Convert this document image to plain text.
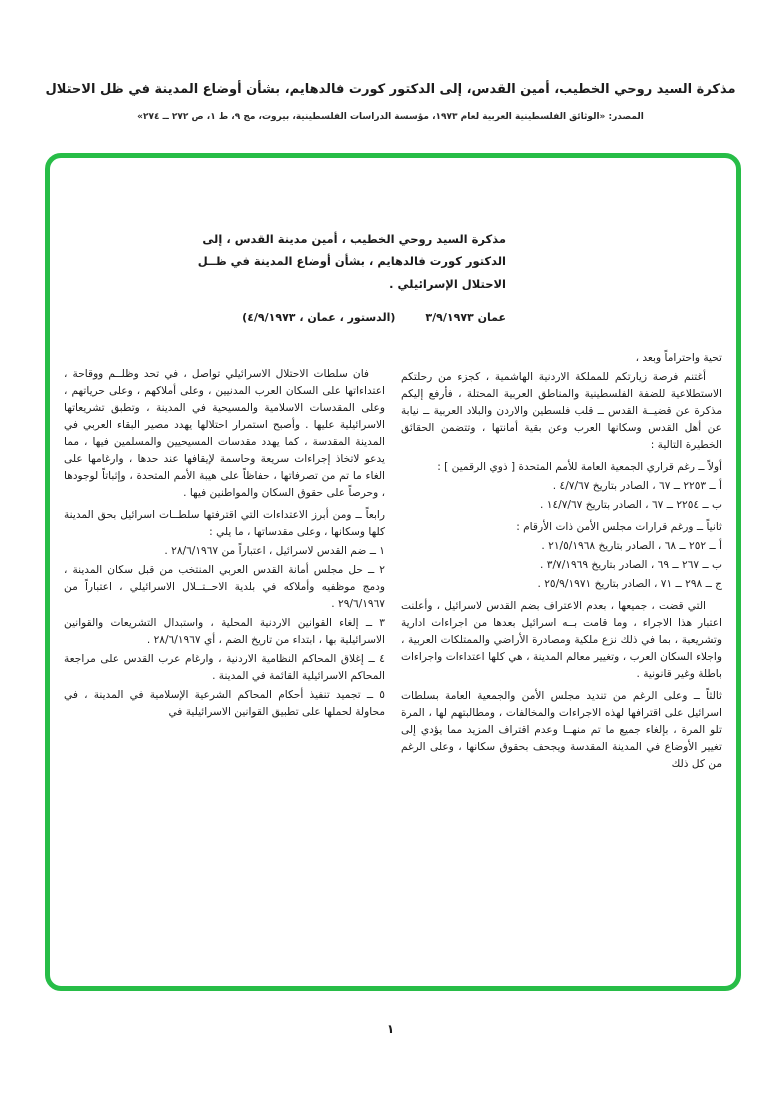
مذكرة السيد روحي الخطيب، أمين القدس، إلى الدكتور كورت فالدهايم، بشأن أوضاع المدينة في ظل الاحتلال
المصدر: «الوثائق الفلسطينية العربية لعام ١٩٧٣، مؤسسة الدراسات الفلسطينية، بيروت، مج ٩، ط ١، ص ٢٧٢ ــ ٢٧٤»
مذكرة السيد روحي الخطيب ، أمين مدينة القدس ، إلى
الدكتور كورت فالدهايم ، بشأن أوضاع المدينة في ظــل
الاحتلال الإسرائيلي .
عمان ٣/٩/١٩٧٣
(الدستور ، عمان ، ٤/٩/١٩٧٣)

تحية واحتراماً وبعد ،

أغتنم فرصة زيارتكم للمملكة الاردنية الهاشمية ، كجزء من رحلتكم الاستطلاعية للضفة الفلسطينية والمناطق العربية المحتلة ، فأرفع إليكم مذكرة عن قضيــة القدس ــ قلب فلسطين والاردن والبلاد العربية ــ نيابة عن أهل القدس وسكانها العرب وعن بقية أمانتها ، وتتضمن الحقائق الخطيرة التالية :

أولاً ــ رغم قراري الجمعية العامة للأمم المتحدة [ ذوي الرقمين ] :

أ ــ ٢٢٥٣ ــ ٦٧ ، الصادر بتاريخ ٤/٧/٦٧ .

ب ــ ٢٢٥٤ ــ ٦٧ ، الصادر بتاريخ ١٤/٧/٦٧ .

ثانياً ــ ورغم قرارات مجلس الأمن ذات الأرقام :

أ ــ ٢٥٢ ــ ٦٨ ، الصادر بتاريخ ٢١/٥/١٩٦٨ .

ب ــ ٢٦٧ ــ ٦٩ ، الصادر بتاريخ ٣/٧/١٩٦٩ .

ج ــ ٢٩٨ ــ ٧١ ، الصادر بتاريخ ٢٥/٩/١٩٧١ .

التي قضت ، جميعها ، بعدم الاعتراف بضم القدس لاسرائيل ، وأعلنت اعتبار هذا الاجراء ، وما قامت بــه اسرائيل بعدها من اجراءات ادارية وتشريعية ، بما في ذلك نزع ملكية ومصادرة الأراضي والممتلكات العربية ، واجلاء السكان العرب ، وتغيير معالم المدينة ، هي كلها اعتداءات واجراءات باطلة وغير قانونية .

ثالثاً ــ وعلى الرغم من تنديد مجلس الأمن والجمعية العامة بسلطات اسرائيل على اقترافها لهذه الاجراءات والمخالفات ، ومطالبتهم لها ، المرة تلو المرة ، بإلغاء جميع ما تم منهــا وعدم اقتراف المزيد مما يؤدي إلى تغيير الأوضاع في المدينة المقدسة ويجحف بحقوق سكانها ، وعلى الرغم من كل ذلك

فان سلطات الاحتلال الاسرائيلي تواصل ، في تحد وظلــم ووقاحة ، اعتداءاتها على السكان العرب المدنيين ، وعلى أملاكهم ، وعلى حرياتهم ، وعلى المقدسات الاسلامية والمسيحية في المدينة ، وتطبق تشريعاتها الاسرائيلية عليها . وأصبح استمرار احتلالها يهدد مصير البقاء العربي في المدينة المقدسة ، كما يهدد مقدسات المسيحيين والمسلمين فيها ، مما يدعو لاتخاذ إجراءات سريعة وحاسمة لإيقافها عند حدها ، وارغامها على الغاء ما تم من تصرفاتها ، حفاظاً على هيبة الأمم المتحدة ، وإثباتاً لوجودها ، وحرصاً على حقوق السكان والمواطنين فيها .

رابعاً ــ ومن أبرز الاعتداءات التي اقترفتها سلطــات اسرائيل بحق المدينة كلها وسكانها ، وعلى مقدساتها ، ما يلي :

١ ــ ضم القدس لاسرائيل ، اعتباراً من ٢٨/٦/١٩٦٧ .

٢ ــ حل مجلس أمانة القدس العربي المنتخب من قبل سكان المدينة ، ودمج موظفيه وأملاكه في بلدية الاحــتــلال الاسرائيلي ، اعتباراً من ٢٩/٦/١٩٦٧ .

٣ ــ إلغاء القوانين الاردنية المحلية ، واستبدال التشريعات والقوانين الاسرائيلية بها ، ابتداء من تاريخ الضم ، أي ٢٨/٦/١٩٦٧ .

٤ ــ إغلاق المحاكم النظامية الاردنية ، وارغام عرب القدس على مراجعة المحاكم الاسرائيلية القائمة في المدينة .

٥ ــ تجميد تنفيذ أحكام المحاكم الشرعية الإسلامية في المدينة ، في محاولة لحملها على تطبيق القوانين الاسرائيلية في

١
